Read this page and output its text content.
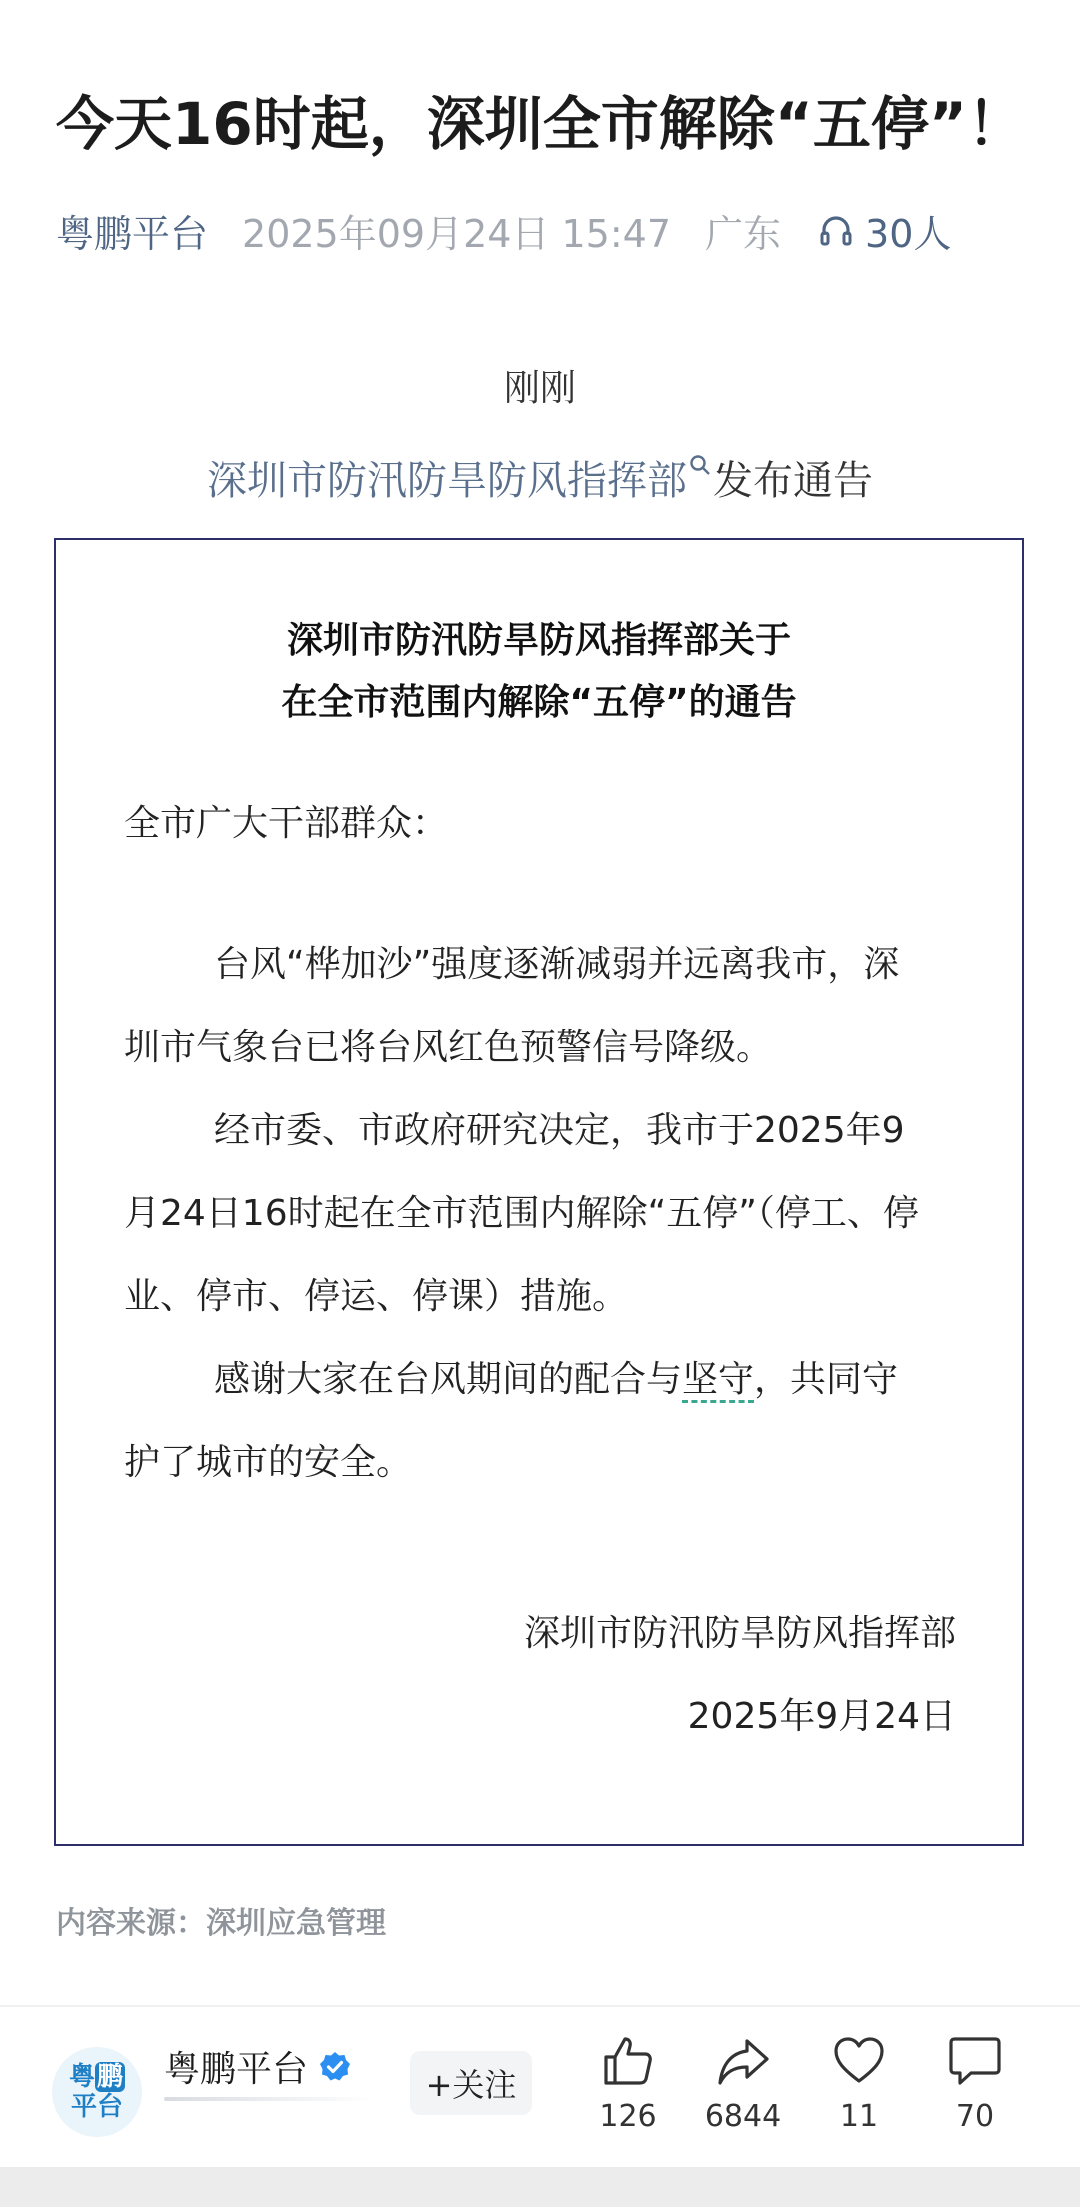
今天16时起，深圳全市解除“五停”！
粤鹏平台 2025年09月24日 15:47 广东 30人
刚刚
深圳市防汛防旱防风指挥部 发布通告
深圳市防汛防旱防风指挥部关于
在全市范围内解除“五停”的通告
全市广大干部群众：
台风“桦加沙”强度逐渐减弱并远离我市，深
圳市气象台已将台风红色预警信号降级。
经市委、市政府研究决定，我市于2025年9
月24日16时起在全市范围内解除“五停”（停工、停
业、停市、停运、停课）措施。
感谢大家在台风期间的配合与坚守，共同守
护了城市的安全。
深圳市防汛防旱防风指挥部
2025年9月24日
内容来源：深圳应急管理
粤 鹏
平台
粤鹏平台	+关注
126 6844 11	70
